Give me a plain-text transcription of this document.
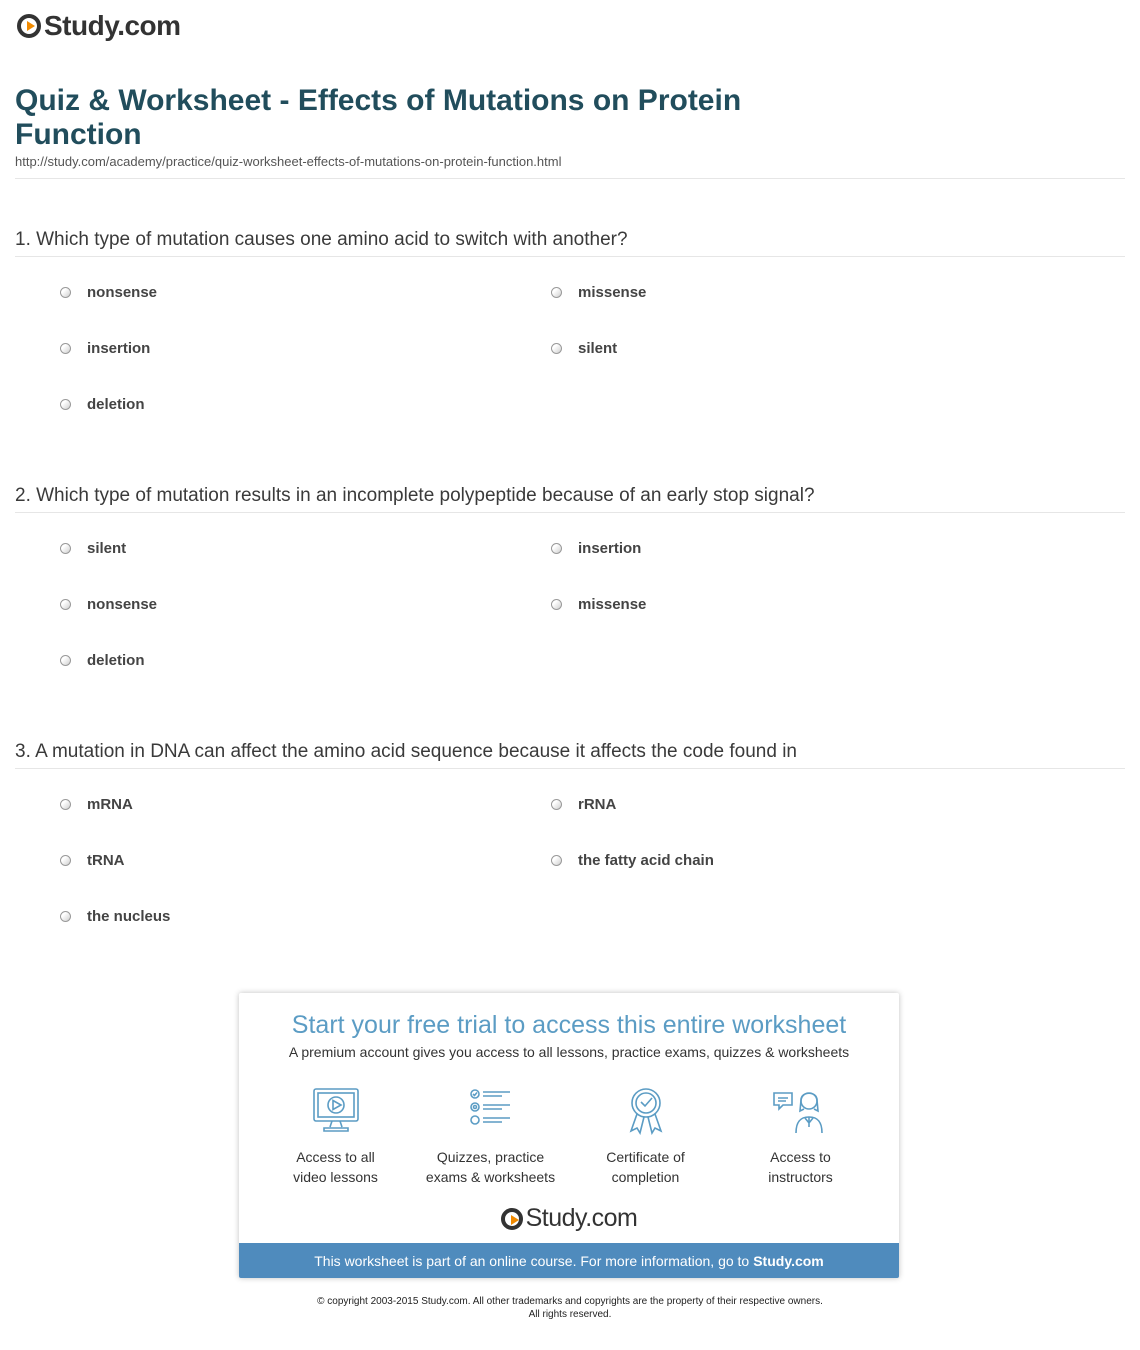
Study.com
Quiz & Worksheet - Effects of Mutations on Protein Function
http://study.com/academy/practice/quiz-worksheet-effects-of-mutations-on-protein-function.html
1. Which type of mutation causes one amino acid to switch with another?
nonsense	missense
insertion	silent
deletion
2. Which type of mutation results in an incomplete polypeptide because of an early stop signal?
silent	insertion
nonsense	missense
deletion
3. A mutation in DNA can affect the amino acid sequence because it affects the code found in
mRNA	rRNA
tRNA	the fatty acid chain
the nucleus
Start your free trial to access this entire worksheet
A premium account gives you access to all lessons, practice exams, quizzes & worksheets
Access to all
video lessons
Quizzes, practice
exams & worksheets
Certificate of
completion
Access to
instructors
Study.com
This worksheet is part of an online course. For more information, go to Study.com
© copyright 2003-2015 Study.com. All other trademarks and copyrights are the property of their respective owners.
All rights reserved.
